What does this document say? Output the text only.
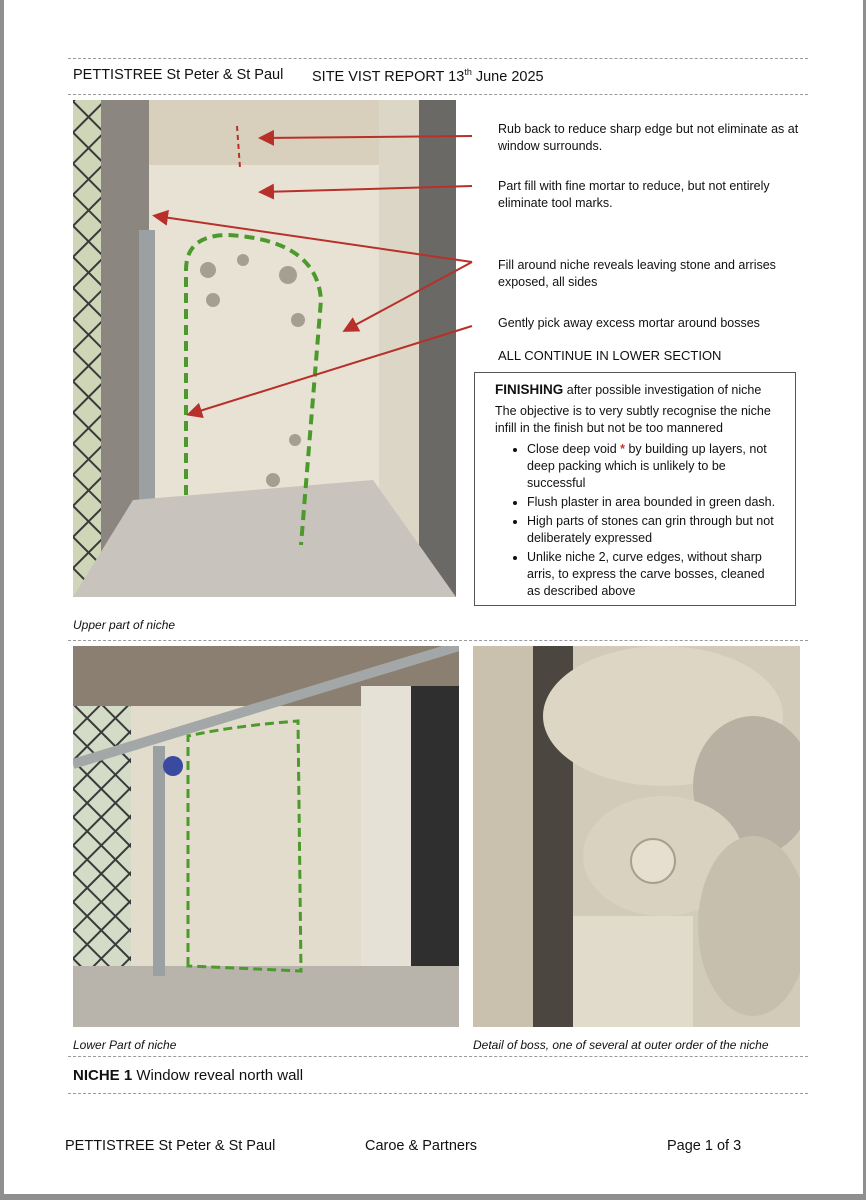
PETTISTREE St Peter & St Paul SITE VIST REPORT 13th June 2025
Rub back to reduce sharp edge but not eliminate as at window surrounds.
Part fill with fine mortar to reduce, but not entirely eliminate tool marks.
Fill around niche reveals leaving stone and arrises exposed, all sides
Gently pick away excess mortar around bosses
ALL CONTINUE IN LOWER SECTION
FINISHING after possible investigation of niche
The objective is to very subtly recognise the niche infill in the finish but not be too mannered
• Close deep void * by building up layers, not deep packing which is unlikely to be successful
• Flush plaster in area bounded in green dash.
• High parts of stones can grin through but not deliberately expressed
• Unlike niche 2, curve edges, without sharp arris, to express the carve bosses, cleaned as described above
Upper part of niche
Lower Part of niche	Detail of boss, one of several at outer order of the niche
NICHE 1 Window reveal north wall
PETTISTREE St Peter & St Paul	Caroe & Partners	Page 1 of 3
